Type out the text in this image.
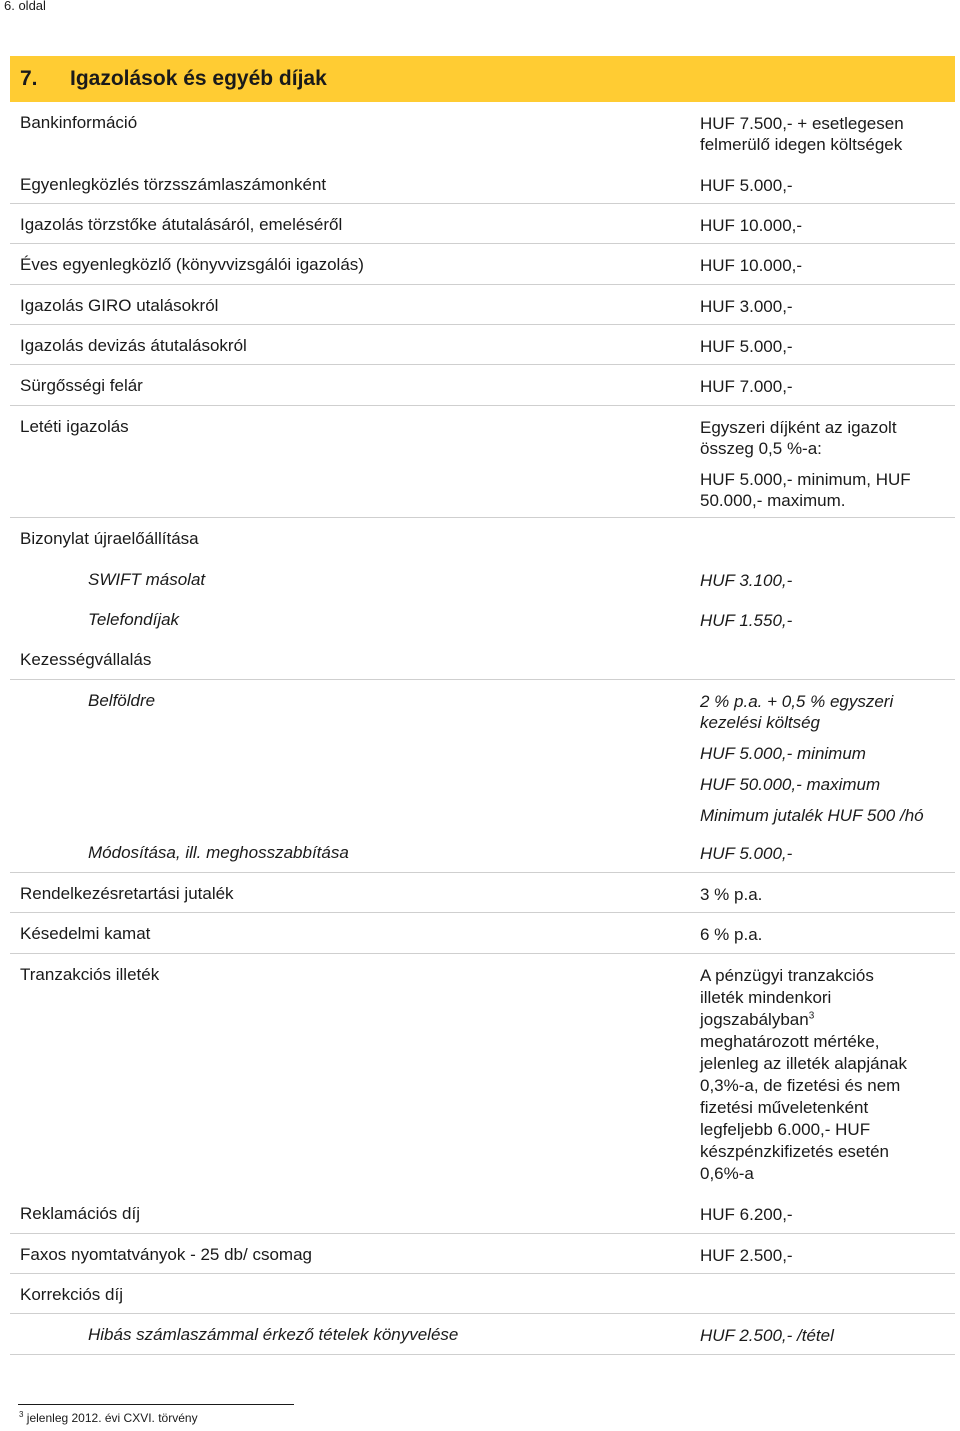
6. oldal
7. Igazolások és egyéb díjak
Bankinformáció	HUF 7.500,- + esetlegesen
felmerülő idegen költségek
Egyenlegközlés törzsszámlaszámonként	HUF 5.000,-
Igazolás törzstőke átutalásáról, emeléséről	HUF 10.000,-
Éves egyenlegközlő (könyvvizsgálói igazolás)	HUF 10.000,-
Igazolás GIRO utalásokról	HUF 3.000,-
Igazolás devizás átutalásokról	HUF 5.000,-
Sürgősségi felár	HUF 7.000,-
Letéti igazolás	Egyszeri díjként az igazolt
összeg 0,5 %-a:
HUF 5.000,- minimum, HUF
50.000,- maximum.
Bizonylat újraelőállítása
SWIFT másolat	HUF 3.100,-
Telefondíjak	HUF 1.550,-
Kezességvállalás
Belföldre	2 % p.a. + 0,5 % egyszeri
kezelési költség
HUF 5.000,- minimum
HUF 50.000,- maximum
Minimum jutalék HUF 500 /hó
Módosítása, ill. meghosszabbítása	HUF 5.000,-
Rendelkezésretartási jutalék	3 % p.a.
Késedelmi kamat	6 % p.a.
Tranzakciós illeték	A pénzügyi tranzakciós
illeték mindenkori
jogszabályban$^3$
meghatározott mértéke,
jelenleg az illeték alapjának
0,3%-a, de fizetési és nem
fizetési műveletenként
legfeljebb 6.000,- HUF
készpénzkifizetés esetén
0,6%-a
Reklamációs díj	HUF 6.200,-
Faxos nyomtatványok - 25 db/ csomag	HUF 2.500,-
Korrekciós díj
Hibás számlaszámmal érkező tételek könyvelése	HUF 2.500,- /tétel
$^3$ jelenleg 2012. évi CXVI. törvény
